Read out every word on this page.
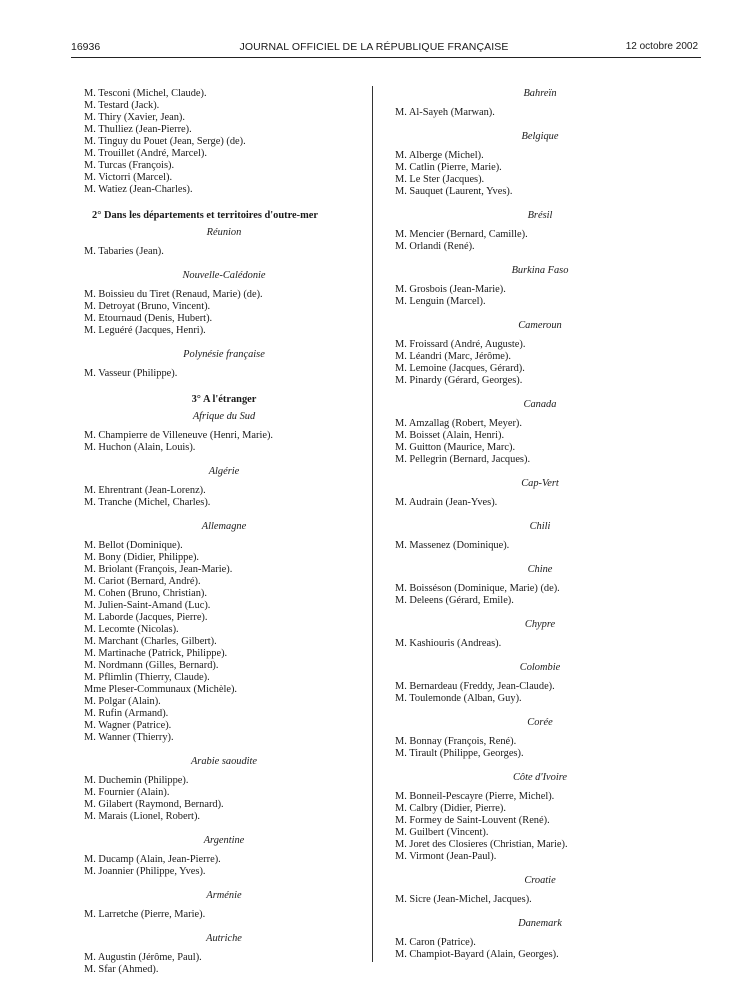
16936	JOURNAL OFFICIEL DE LA RÉPUBLIQUE FRANÇAISE	12 octobre 2002
M. Tesconi (Michel, Claude).
M. Testard (Jack).
M. Thiry (Xavier, Jean).
M. Thulliez (Jean-Pierre).
M. Tinguy du Pouet (Jean, Serge) (de).
M. Trouillet (André, Marcel).
M. Turcas (François).
M. Victorri (Marcel).
M. Watiez (Jean-Charles).
2° Dans les départements et territoires d'outre-mer
Réunion
M. Tabaries (Jean).
Nouvelle-Calédonie
M. Boissieu du Tiret (Renaud, Marie) (de).
M. Detroyat (Bruno, Vincent).
M. Etournaud (Denis, Hubert).
M. Leguéré (Jacques, Henri).
Polynésie française
M. Vasseur (Philippe).
3° A l'étranger
Afrique du Sud
M. Champierre de Villeneuve (Henri, Marie).
M. Huchon (Alain, Louis).
Algérie
M. Ehrentrant (Jean-Lorenz).
M. Tranche (Michel, Charles).
Allemagne
M. Bellot (Dominique).
M. Bony (Didier, Philippe).
M. Briolant (François, Jean-Marie).
M. Cariot (Bernard, André).
M. Cohen (Bruno, Christian).
M. Julien-Saint-Amand (Luc).
M. Laborde (Jacques, Pierre).
M. Lecomte (Nicolas).
M. Marchant (Charles, Gilbert).
M. Martinache (Patrick, Philippe).
M. Nordmann (Gilles, Bernard).
M. Pflimlin (Thierry, Claude).
Mme Pleser-Communaux (Michèle).
M. Polgar (Alain).
M. Rufin (Armand).
M. Wagner (Patrice).
M. Wanner (Thierry).
Arabie saoudite
M. Duchemin (Philippe).
M. Fournier (Alain).
M. Gilabert (Raymond, Bernard).
M. Marais (Lionel, Robert).
Argentine
M. Ducamp (Alain, Jean-Pierre).
M. Joannier (Philippe, Yves).
Arménie
M. Larretche (Pierre, Marie).
Autriche
M. Augustin (Jérôme, Paul).
M. Sfar (Ahmed).
Bahreïn
M. Al-Sayeh (Marwan).
Belgique
M. Alberge (Michel).
M. Catlin (Pierre, Marie).
M. Le Ster (Jacques).
M. Sauquet (Laurent, Yves).
Brésil
M. Mencier (Bernard, Camille).
M. Orlandi (René).
Burkina Faso
M. Grosbois (Jean-Marie).
M. Lenguin (Marcel).
Cameroun
M. Froissard (André, Auguste).
M. Léandri (Marc, Jérôme).
M. Lemoine (Jacques, Gérard).
M. Pinardy (Gérard, Georges).
Canada
M. Amzallag (Robert, Meyer).
M. Boisset (Alain, Henri).
M. Guitton (Maurice, Marc).
M. Pellegrin (Bernard, Jacques).
Cap-Vert
M. Audrain (Jean-Yves).
Chili
M. Massenez (Dominique).
Chine
M. Boisséson (Dominique, Marie) (de).
M. Deleens (Gérard, Emile).
Chypre
M. Kashiouris (Andreas).
Colombie
M. Bernardeau (Freddy, Jean-Claude).
M. Toulemonde (Alban, Guy).
Corée
M. Bonnay (François, René).
M. Tirault (Philippe, Georges).
Côte d'Ivoire
M. Bonneil-Pescayre (Pierre, Michel).
M. Calbry (Didier, Pierre).
M. Formey de Saint-Louvent (René).
M. Guilbert (Vincent).
M. Joret des Closieres (Christian, Marie).
M. Virmont (Jean-Paul).
Croatie
M. Sicre (Jean-Michel, Jacques).
Danemark
M. Caron (Patrice).
M. Champiot-Bayard (Alain, Georges).
